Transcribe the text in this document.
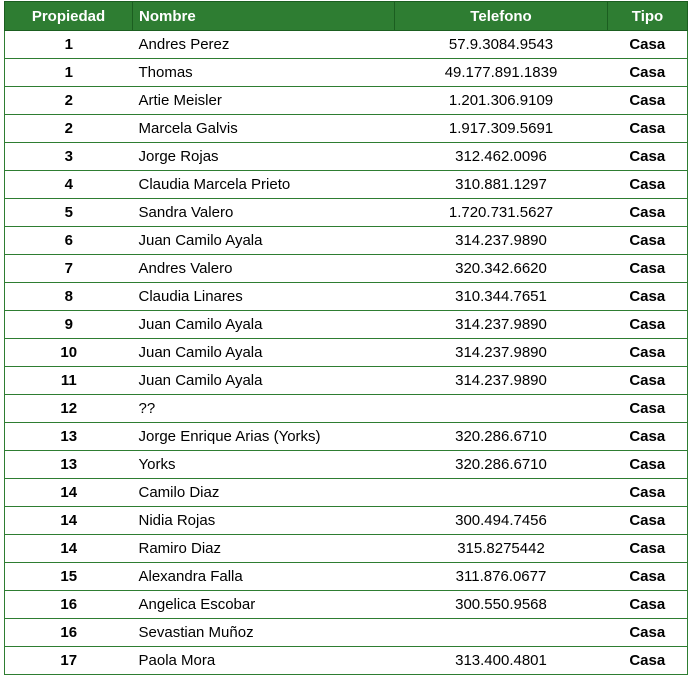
Propiedad	Nombre	Telefono	Tipo
1	Andres Perez	57.9.3084.9543	Casa
1	Thomas	49.177.891.1839	Casa
2	Artie Meisler	1.201.306.9109	Casa
2	Marcela Galvis	1.917.309.5691	Casa
3	Jorge Rojas	312.462.0096	Casa
4	Claudia Marcela Prieto	310.881.1297	Casa
5	Sandra Valero	1.720.731.5627	Casa
6	Juan Camilo Ayala	314.237.9890	Casa
7	Andres Valero	320.342.6620	Casa
8	Claudia Linares	310.344.7651	Casa
9	Juan Camilo Ayala	314.237.9890	Casa
10	Juan Camilo Ayala	314.237.9890	Casa
11	Juan Camilo Ayala	314.237.9890	Casa
12	??		Casa
13	Jorge Enrique Arias (Yorks)	320.286.6710	Casa
13	Yorks	320.286.6710	Casa
14	Camilo Diaz		Casa
14	Nidia Rojas	300.494.7456	Casa
14	Ramiro Diaz	315.8275442	Casa
15	Alexandra Falla	311.876.0677	Casa
16	Angelica Escobar	300.550.9568	Casa
16	Sevastian Muñoz		Casa
17	Paola Mora	313.400.4801	Casa
